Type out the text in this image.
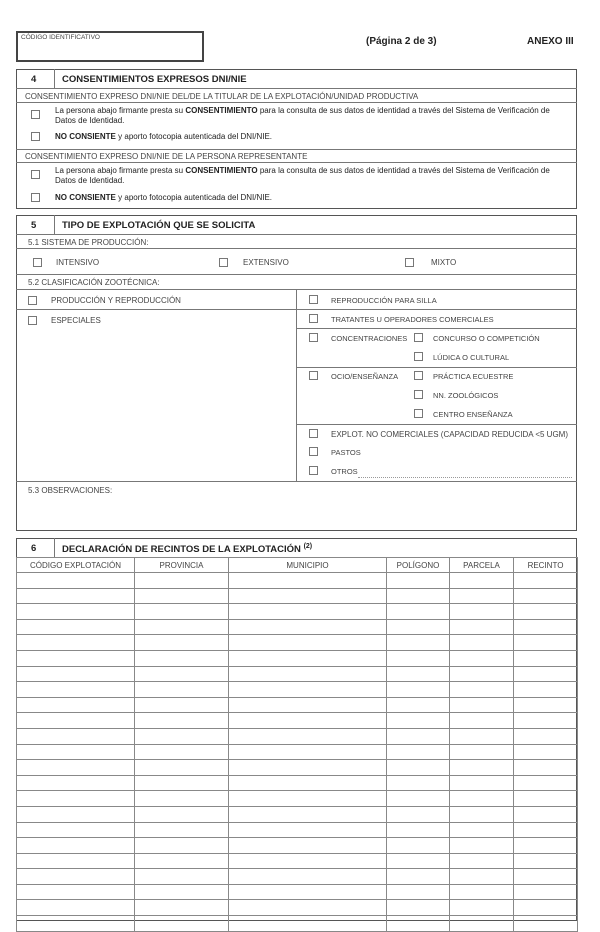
CÓDIGO IDENTIFICATIVO	(Página 2 de 3)	ANEXO III
4	CONSENTIMIENTOS EXPRESOS DNI/NIE
CONSENTIMIENTO EXPRESO DNI/NIE DEL/DE LA TITULAR DE LA EXPLOTACIÓN/UNIDAD PRODUCTIVA
La persona abajo firmante presta su CONSENTIMIENTO para la consulta de sus datos de identidad a través del Sistema de Verificación de
Datos de Identidad.
NO CONSIENTE y aporto fotocopia autenticada del DNI/NIE.
CONSENTIMIENTO EXPRESO DNI/NIE DE LA PERSONA REPRESENTANTE
La persona abajo firmante presta su CONSENTIMIENTO para la consulta de sus datos de identidad a través del Sistema de Verificación de
Datos de Identidad.
NO CONSIENTE y aporto fotocopia autenticada del DNI/NIE.
5	TIPO DE EXPLOTACIÓN QUE SE SOLICITA
5.1 SISTEMA DE PRODUCCIÓN:
INTENSIVO	EXTENSIVO	MIXTO
5.2 CLASIFICACIÓN ZOOTÉCNICA:
PRODUCCIÓN Y REPRODUCCIÓN
ESPECIALES
REPRODUCCIÓN PARA SILLA
TRATANTES U OPERADORES COMERCIALES
CONCENTRACIONES	CONCURSO O COMPETICIÓN
LÚDICA O CULTURAL
OCIO/ENSEÑANZA	PRÁCTICA ECUESTRE
NN. ZOOLÓGICOS
CENTRO ENSEÑANZA
EXPLOT. NO COMERCIALES (CAPACIDAD REDUCIDA <5 UGM)
PASTOS
OTROS
5.3 OBSERVACIONES:
6	DECLARACIÓN DE RECINTOS DE LA EXPLOTACIÓN $^{(2)}$
CÓDIGO EXPLOTACIÓN	PROVINCIA	MUNICIPIO	POLÍGONO	PARCELA	RECINTO
